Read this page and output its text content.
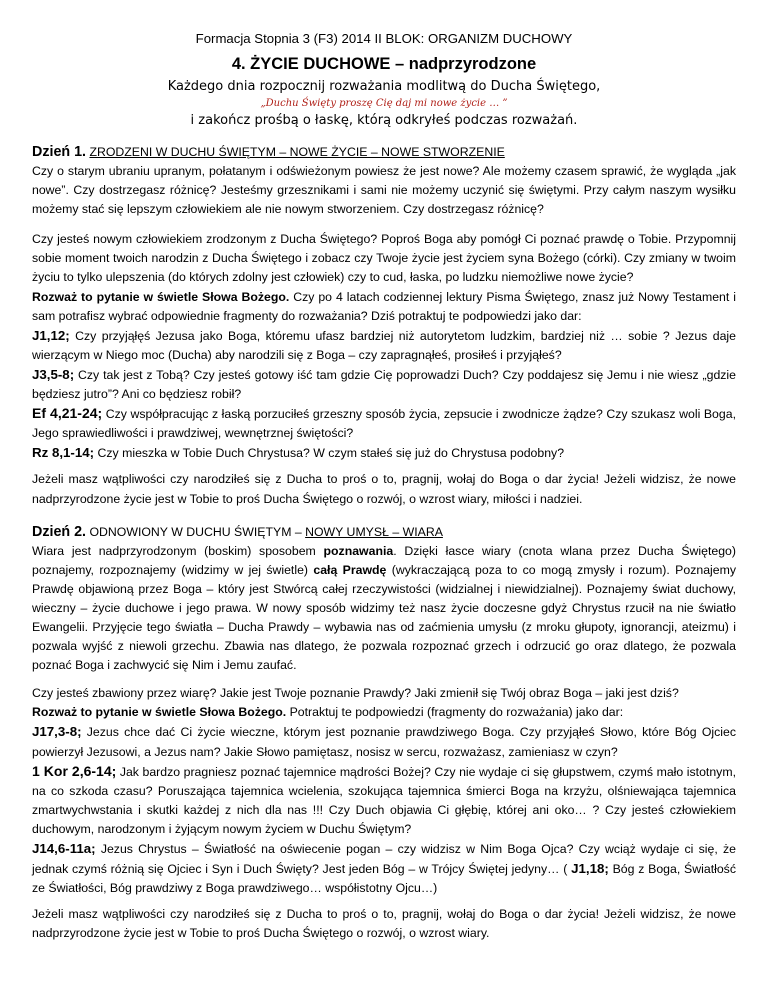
Formacja Stopnia 3 (F3) 2014 II BLOK: ORGANIZM DUCHOWY

4. ŻYCIE DUCHOWE – nadprzyrodzone

Każdego dnia rozpocznij rozważania modlitwą do Ducha Świętego,

„Duchu Święty proszę Cię daj mi nowe życie … ”

i zakończ prośbą o łaskę, którą odkryłeś podczas rozważań.

Dzień 1. ZRODZENI W DUCHU ŚWIĘTYM – NOWE ŻYCIE – NOWE STWORZENIE

Czy o starym ubraniu upranym, połatanym i odświeżonym powiesz że jest nowe? Ale możemy czasem sprawić, że wygląda „jak nowe”. Czy dostrzegasz różnicę? Jesteśmy grzesznikami i sami nie możemy uczynić się świętymi. Przy całym naszym wysiłku możemy stać się lepszym człowiekiem ale nie nowym stworzeniem. Czy dostrzegasz różnicę?

Czy jesteś nowym człowiekiem zrodzonym z Ducha Świętego? Poproś Boga aby pomógł Ci poznać prawdę o Tobie. Przypomnij sobie moment twoich narodzin z Ducha Świętego i zobacz czy Twoje życie jest życiem syna Bożego (córki). Czy zmiany w twoim życiu to tylko ulepszenia (do których zdolny jest człowiek) czy to cud, łaska, po ludzku niemożliwe nowe życie?

Rozważ to pytanie w świetle Słowa Bożego. Czy po 4 latach codziennej lektury Pisma Świętego, znasz już Nowy Testament i sam potrafisz wybrać odpowiednie fragmenty do rozważania? Dziś potraktuj te podpowiedzi jako dar:

J1,12; Czy przyjąłęś Jezusa jako Boga, któremu ufasz bardziej niż autorytetom ludzkim, bardziej niż … sobie ? Jezus daje wierzącym w Niego moc (Ducha) aby narodzili się z Boga – czy zapragnąłeś, prosiłeś i przyjąłeś?

J3,5-8; Czy tak jest z Tobą? Czy jesteś gotowy iść tam gdzie Cię poprowadzi Duch? Czy poddajesz się Jemu i nie wiesz „gdzie będziesz jutro”? Ani co będziesz robił?

Ef 4,21-24; Czy współpracując z łaską porzuciłeś grzeszny sposób życia, zepsucie i zwodnicze żądze? Czy szukasz woli Boga, Jego sprawiedliwości i prawdziwej, wewnętrznej świętości?

Rz 8,1-14; Czy mieszka w Tobie Duch Chrystusa? W czym stałeś się już do Chrystusa podobny?

Jeżeli masz wątpliwości czy narodziłeś się z Ducha to proś o to, pragnij, wołaj do Boga o dar życia! Jeżeli widzisz, że nowe nadprzyrodzone życie jest w Tobie to proś Ducha Świętego o rozwój, o wzrost wiary, miłości i nadziei.

Dzień 2. ODNOWIONY W DUCHU ŚWIĘTYM – NOWY UMYSŁ – WIARA

Wiara jest nadprzyrodzonym (boskim) sposobem poznawania. Dzięki łasce wiary (cnota wlana przez Ducha Świętego) poznajemy, rozpoznajemy (widzimy w jej świetle) całą Prawdę (wykraczającą poza to co mogą zmysły i rozum). Poznajemy Prawdę objawioną przez Boga – który jest Stwórcą całej rzeczywistości (widzialnej i niewidzialnej). Poznajemy świat duchowy, wieczny – życie duchowe i jego prawa. W nowy sposób widzimy też nasz życie doczesne gdyż Chrystus rzucił na nie światło Ewangelii. Przyjęcie tego światła – Ducha Prawdy – wybawia nas od zaćmienia umysłu (z mroku głupoty, ignorancji, ateizmu) i pozwala wyjść z niewoli grzechu. Zbawia nas dlatego, że pozwala rozpoznać grzech i odrzucić go oraz dlatego, że pozwala poznać Boga i zachwycić się Nim i Jemu zaufać.

Czy jesteś zbawiony przez wiarę? Jakie jest Twoje poznanie Prawdy? Jaki zmienił się Twój obraz Boga – jaki jest dziś?

Rozważ to pytanie w świetle Słowa Bożego. Potraktuj te podpowiedzi (fragmenty do rozważania) jako dar:

J17,3-8; Jezus chce dać Ci życie wieczne, którym jest poznanie prawdziwego Boga. Czy przyjąłeś Słowo, które Bóg Ojciec powierzył Jezusowi, a Jezus nam? Jakie Słowo pamiętasz, nosisz w sercu, rozważasz, zamieniasz w czyn?

1 Kor 2,6-14; Jak bardzo pragniesz poznać tajemnice mądrości Bożej? Czy nie wydaje ci się głupstwem, czymś mało istotnym, na co szkoda czasu? Poruszająca tajemnica wcielenia, szokująca tajemnica śmierci Boga na krzyżu, olśniewająca tajemnica zmartwychwstania i skutki każdej z nich dla nas !!! Czy Duch objawia Ci głębię, której ani oko… ? Czy jesteś człowiekiem duchowym, narodzonym i żyjącym nowym życiem w Duchu Świętym?

J14,6-11a; Jezus Chrystus – Światłość na oświecenie pogan – czy widzisz w Nim Boga Ojca? Czy wciąż wydaje ci się, że jednak czymś różnią się Ojciec i Syn i Duch Święty? Jest jeden Bóg – w Trójcy Świętej jedyny… ( J1,18; Bóg z Boga, Światłość ze Światłości, Bóg prawdziwy z Boga prawdziwego… współistotny Ojcu…)

Jeżeli masz wątpliwości czy narodziłeś się z Ducha to proś o to, pragnij, wołaj do Boga o dar życia! Jeżeli widzisz, że nowe nadprzyrodzone życie jest w Tobie to proś Ducha Świętego o rozwój, o wzrost wiary.
